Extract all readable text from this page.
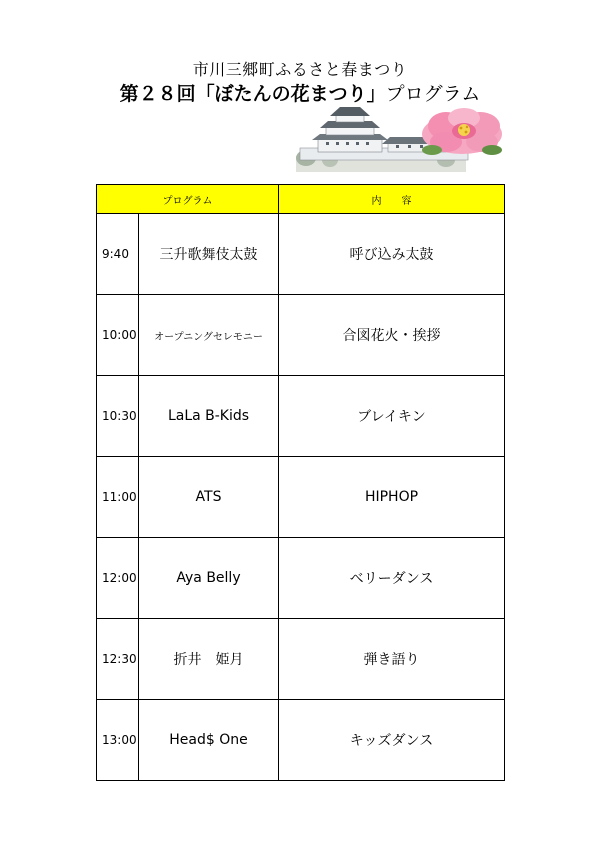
市川三郷町ふるさと春まつり
第２８回「ぼたんの花まつり」プログラム
プログラム		内　　容
9:40	三升歌舞伎太鼓	呼び込み太鼓
10:00	オープニングセレモニー	合図花火・挨拶
10:30	LaLa B-Kids	ブレイキン
11:00	ATS	HIPHOP
12:00	Aya Belly	ベリーダンス
12:30	折井　姫月	弾き語り
13:00	Head$ One	キッズダンス
